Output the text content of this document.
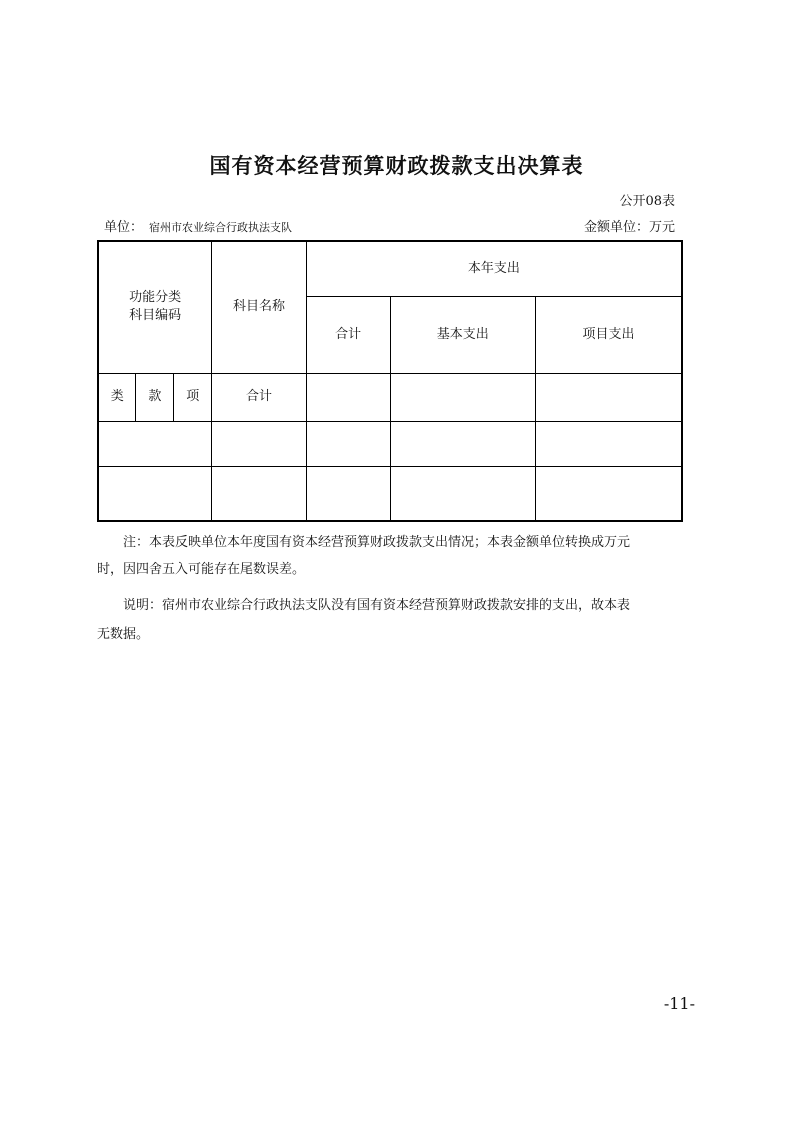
国有资本经营预算财政拨款支出决算表
公开08表
单位： 宿州市农业综合行政执法支队	金额单位：万元
功能分类
科目编码			科目名称	本年支出		
				合计	基本支出	项目支出
类	款	项	合计			

注：本表反映单位本年度国有资本经营预算财政拨款支出情况；本表金额单位转换成万元
时，因四舍五入可能存在尾数误差。
说明：宿州市农业综合行政执法支队没有国有资本经营预算财政拨款安排的支出，故本表
无数据。
-11-
